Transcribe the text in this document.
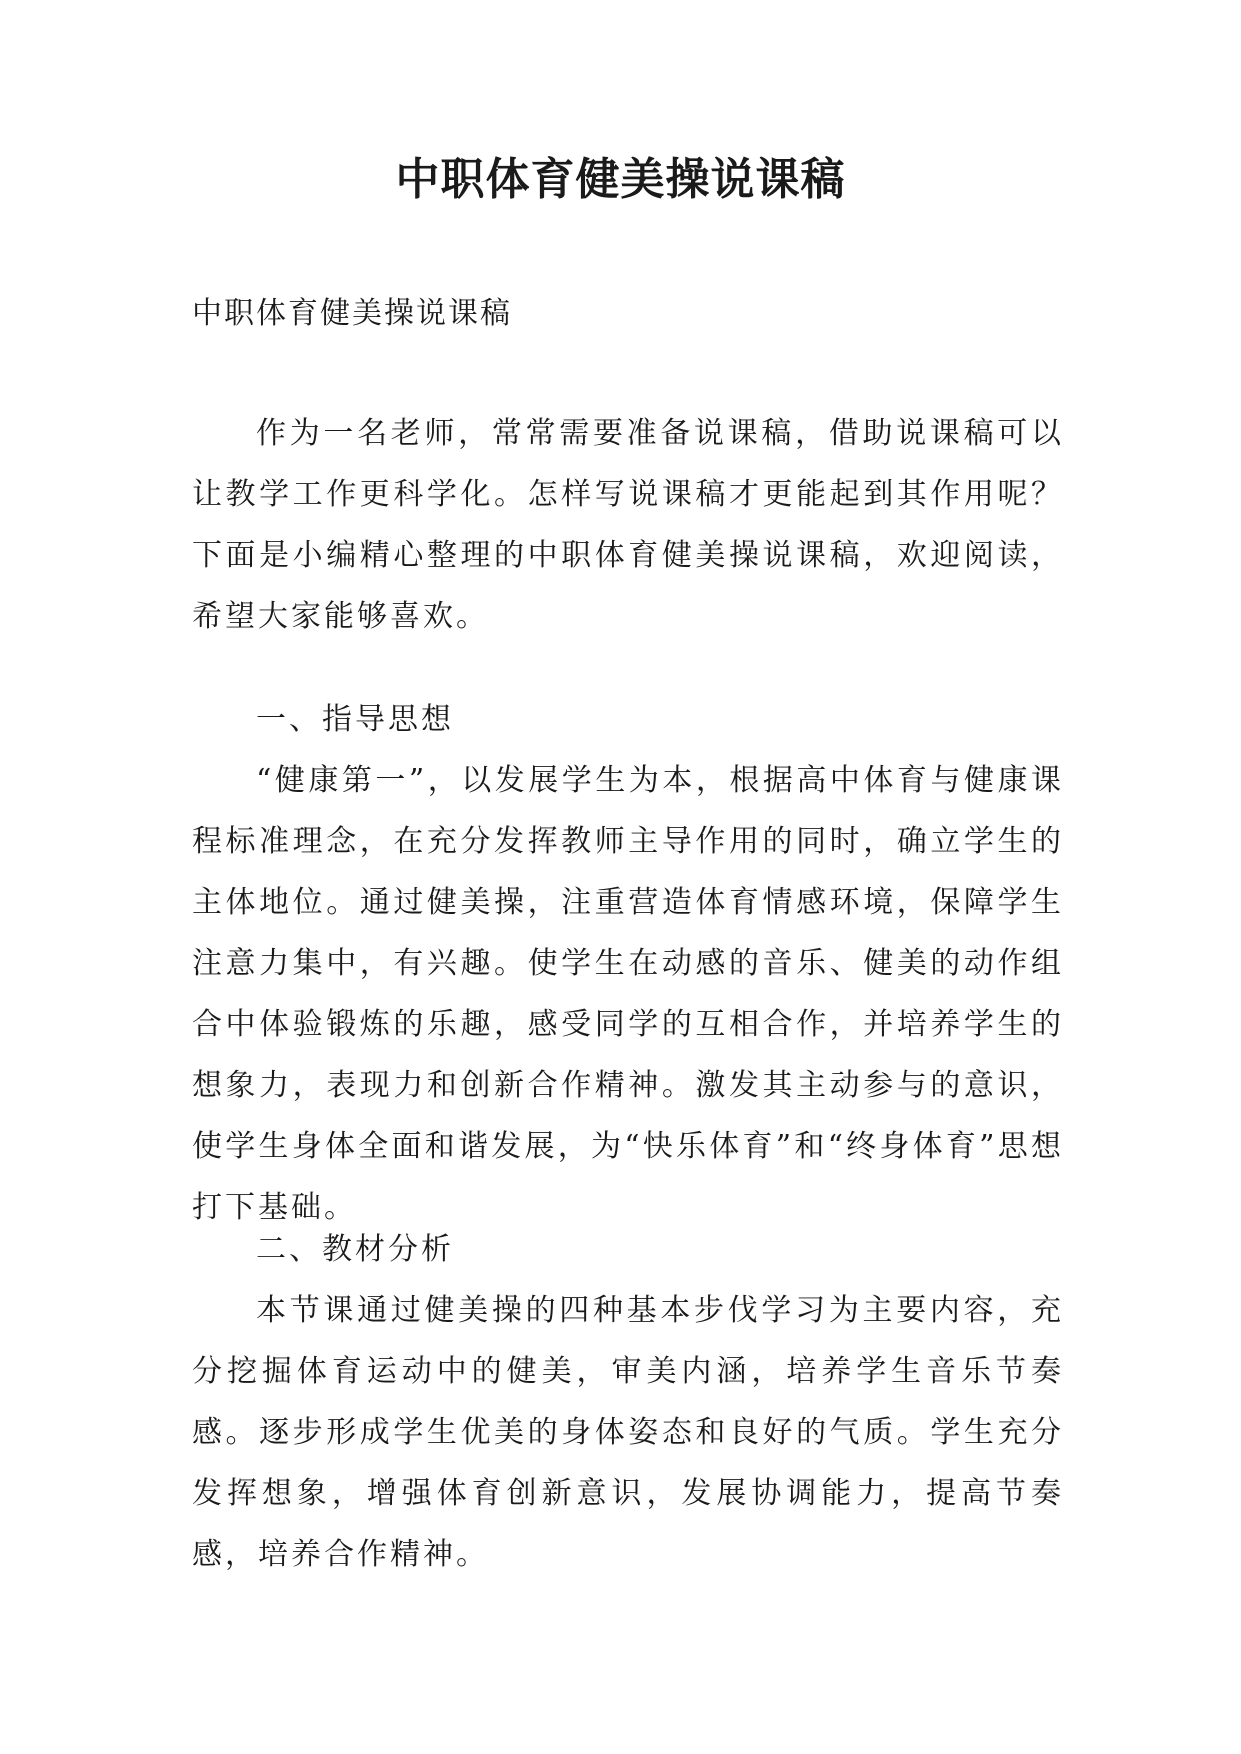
中职体育健美操说课稿

中职体育健美操说课稿

作为一名老师，常常需要准备说课稿，借助说课稿可以让教学工作更科学化。怎样写说课稿才更能起到其作用呢？下面是小编精心整理的中职体育健美操说课稿，欢迎阅读，希望大家能够喜欢。

一、指导思想

“健康第一”，以发展学生为本，根据高中体育与健康课程标准理念，在充分发挥教师主导作用的同时，确立学生的主体地位。通过健美操，注重营造体育情感环境，保障学生注意力集中，有兴趣。使学生在动感的音乐、健美的动作组合中体验锻炼的乐趣，感受同学的互相合作，并培养学生的想象力，表现力和创新合作精神。激发其主动参与的意识，使学生身体全面和谐发展，为“快乐体育”和“终身体育”思想打下基础。

二、教材分析

本节课通过健美操的四种基本步伐学习为主要内容，充分挖掘体育运动中的健美，审美内涵，培养学生音乐节奏感。逐步形成学生优美的身体姿态和良好的气质。学生充分发挥想象，增强体育创新意识，发展协调能力，提高节奏感，培养合作精神。
